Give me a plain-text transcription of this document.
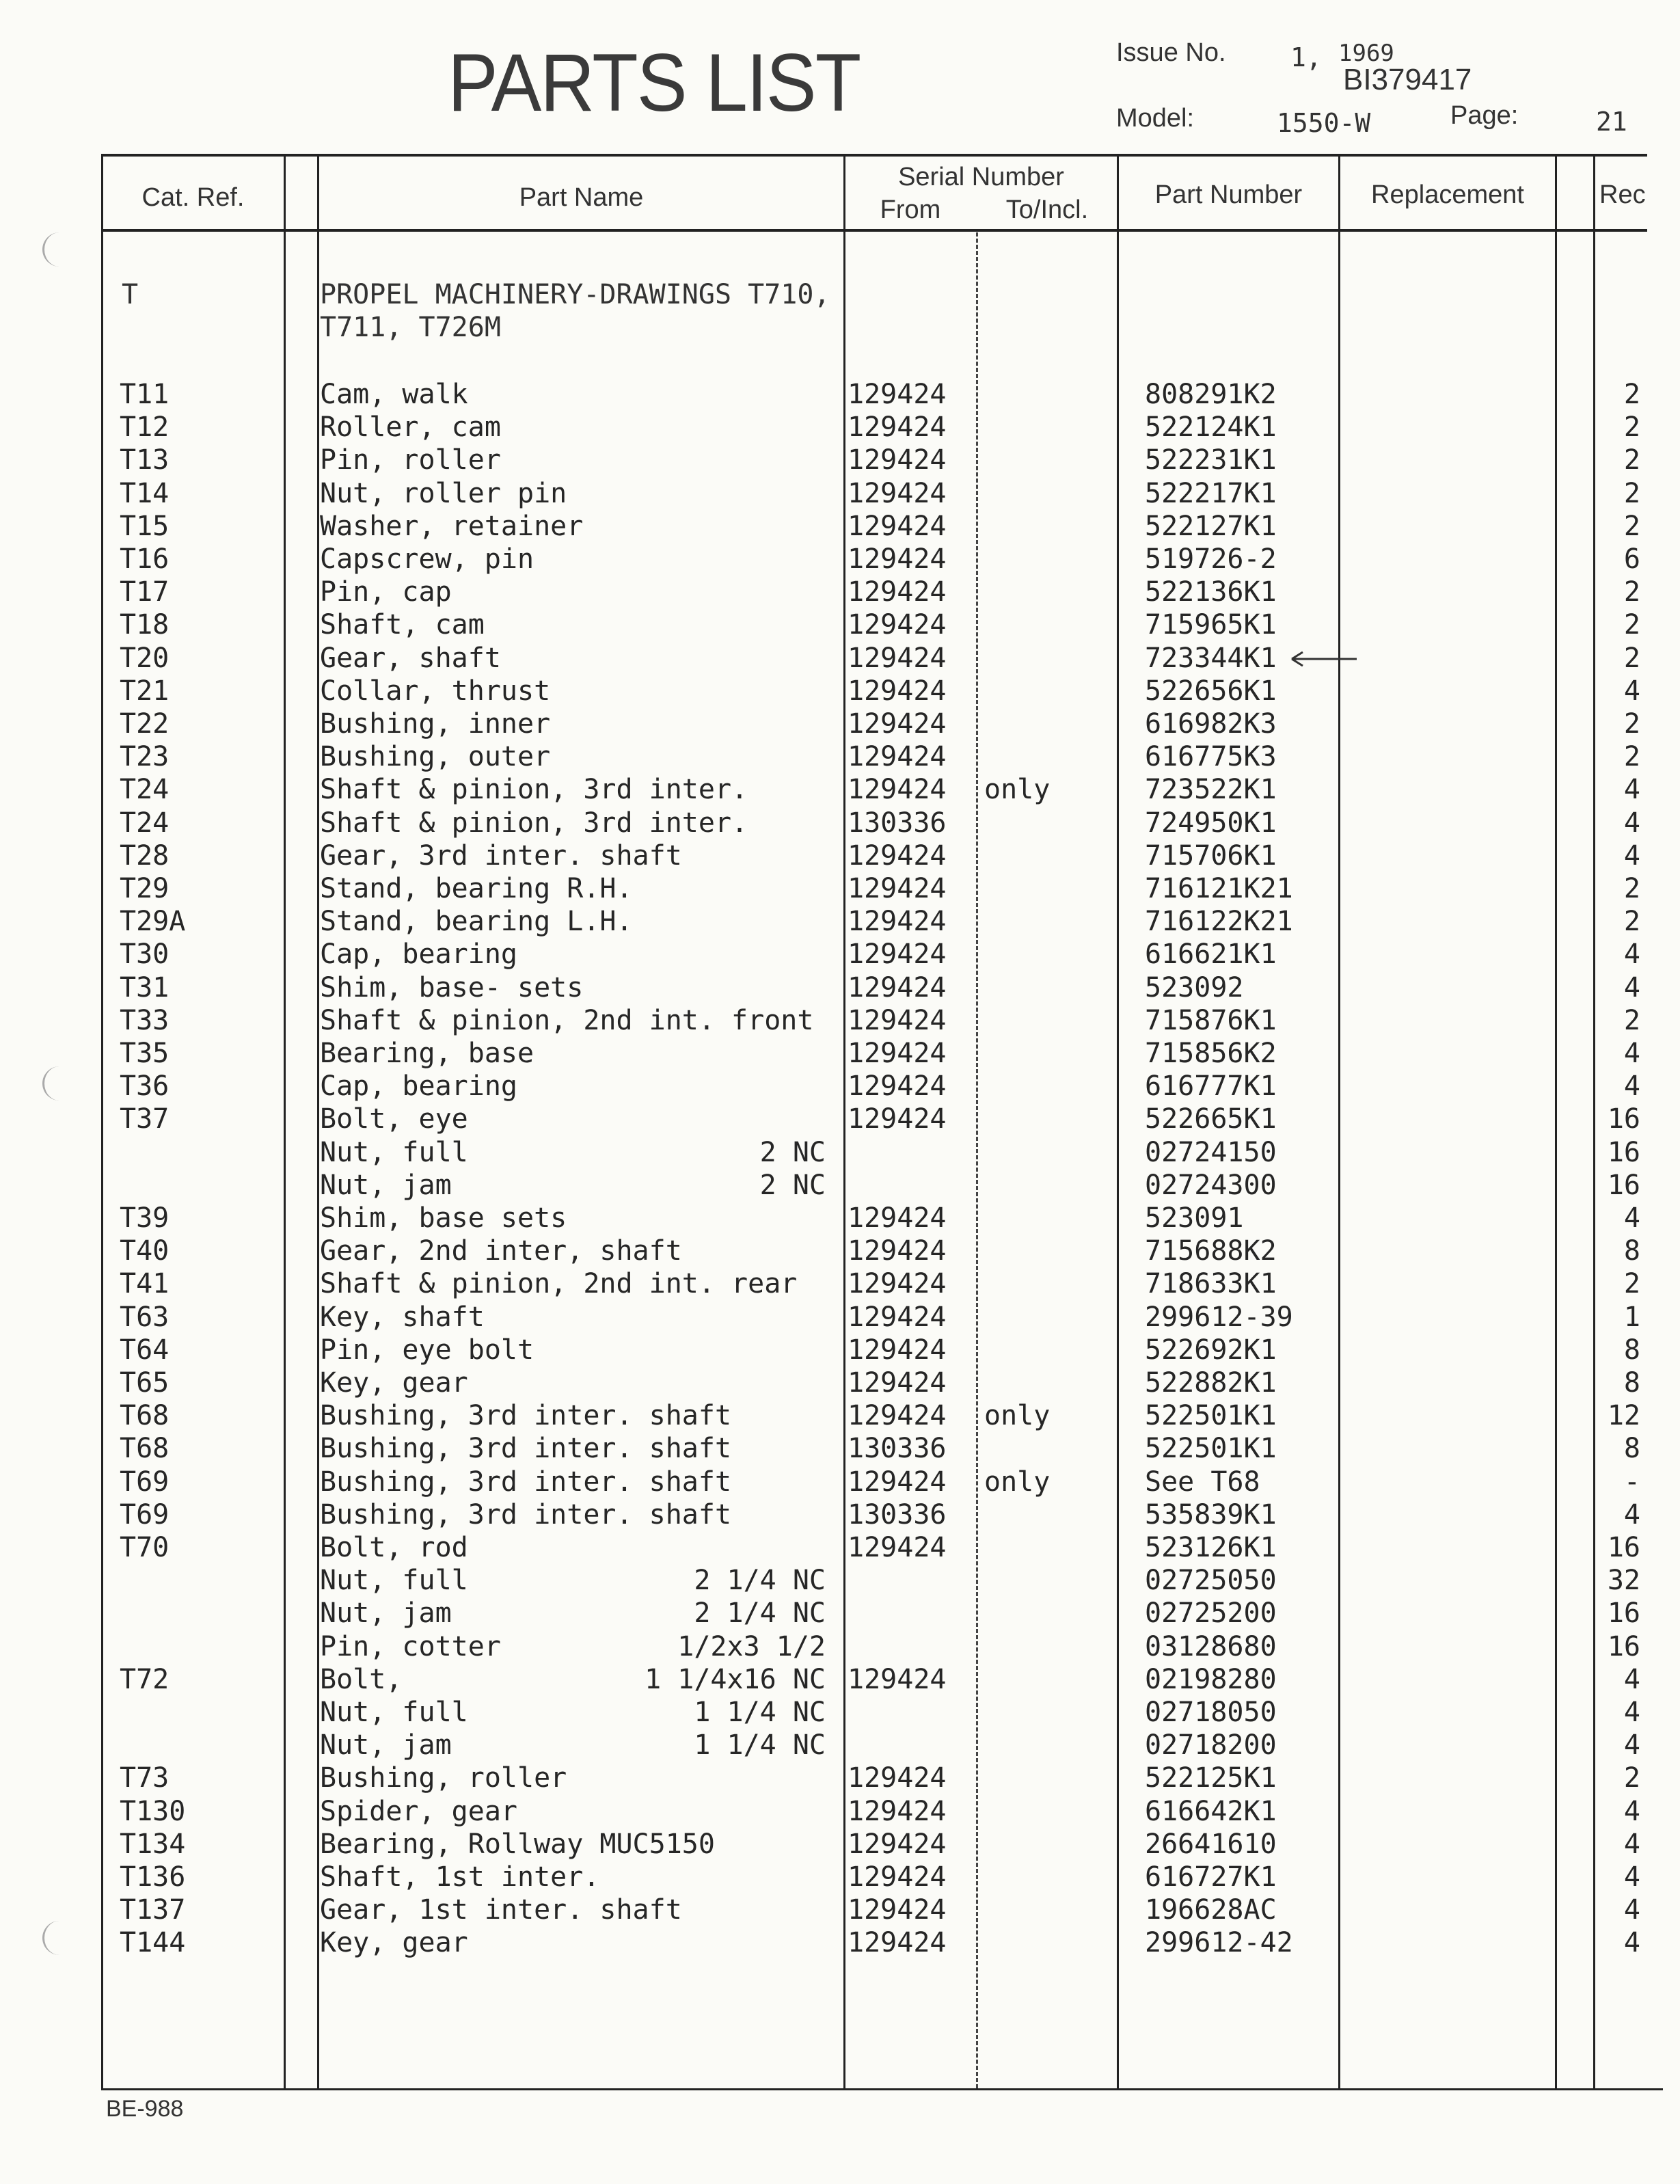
PARTS LIST	Issue No. 1, 1969
BI379417
Model:	1550-W	Page:	21
Cat. Ref.	Part Name
Serial Number
From	To/Incl.
Part Number	Replacement	Rec
T	PROPEL MACHINERY-DRAWINGS T710,
T711, T726M
T11	Cam, walk	129424	808291K2	2
T12	Roller, cam	129424	522124K1	2
T13	Pin, roller	129424	522231K1	2
T14	Nut, roller pin	129424	522217K1	2
T15	Washer, retainer	129424	522127K1	2
T16	Capscrew, pin	129424	519726-2	6
T17	Pin, cap	129424	522136K1	2
T18	Shaft, cam	129424	715965K1	2
T20	Gear, shaft	129424	723344K1	2
T21	Collar, thrust	129424	522656K1	4
T22	Bushing, inner	129424	616982K3	2
T23	Bushing, outer	129424	616775K3	2
T24	Shaft & pinion, 3rd inter.	129424 only	723522K1	4
T24	Shaft & pinion, 3rd inter.	130336	724950K1	4
T28	Gear, 3rd inter. shaft	129424	715706K1	4
T29	Stand, bearing R.H.	129424	716121K21	2
T29A	Stand, bearing L.H.	129424	716122K21	2
T30	Cap, bearing	129424	616621K1	4
T31	Shim, base- sets	129424	523092	4
T33	Shaft & pinion, 2nd int. front 129424	715876K1	2
T35	Bearing, base	129424	715856K2	4
T36	Cap, bearing	129424	616777K1	4
T37	Bolt, eye	129424	522665K1	16
Nut, full	2 NC	02724150	16
Nut, jam	2 NC	02724300	16
T39	Shim, base sets	129424	523091	4
T40	Gear, 2nd inter, shaft	129424	715688K2	8
T41	Shaft & pinion, 2nd int. rear 129424	718633K1	2
T63	Key, shaft	129424	299612-39	1
T64	Pin, eye bolt	129424	522692K1	8
T65	Key, gear	129424	522882K1	8
T68	Bushing, 3rd inter. shaft	129424 only	522501K1	12
T68	Bushing, 3rd inter. shaft	130336	522501K1	8
T69	Bushing, 3rd inter. shaft	129424 only	See T68	-
T69	Bushing, 3rd inter. shaft	130336	535839K1	4
T70	Bolt, rod	129424	523126K1	16
Nut, full	2 1/4 NC	02725050	32
Nut, jam	2 1/4 NC	02725200	16
Pin, cotter	1/2x3 1/2	03128680	16
T72	Bolt,	1 1/4x16 NC 129424	02198280	4
Nut, full	1 1/4 NC	02718050	4
Nut, jam	1 1/4 NC	02718200	4
T73	Bushing, roller	129424	522125K1	2
T130	Spider, gear	129424	616642K1	4
T134	Bearing, Rollway MUC5150	129424	26641610	4
T136	Shaft, 1st inter.	129424	616727K1	4
T137	Gear, 1st inter. shaft	129424	196628AC	4
T144	Key, gear	129424	299612-42	4
BE-988
